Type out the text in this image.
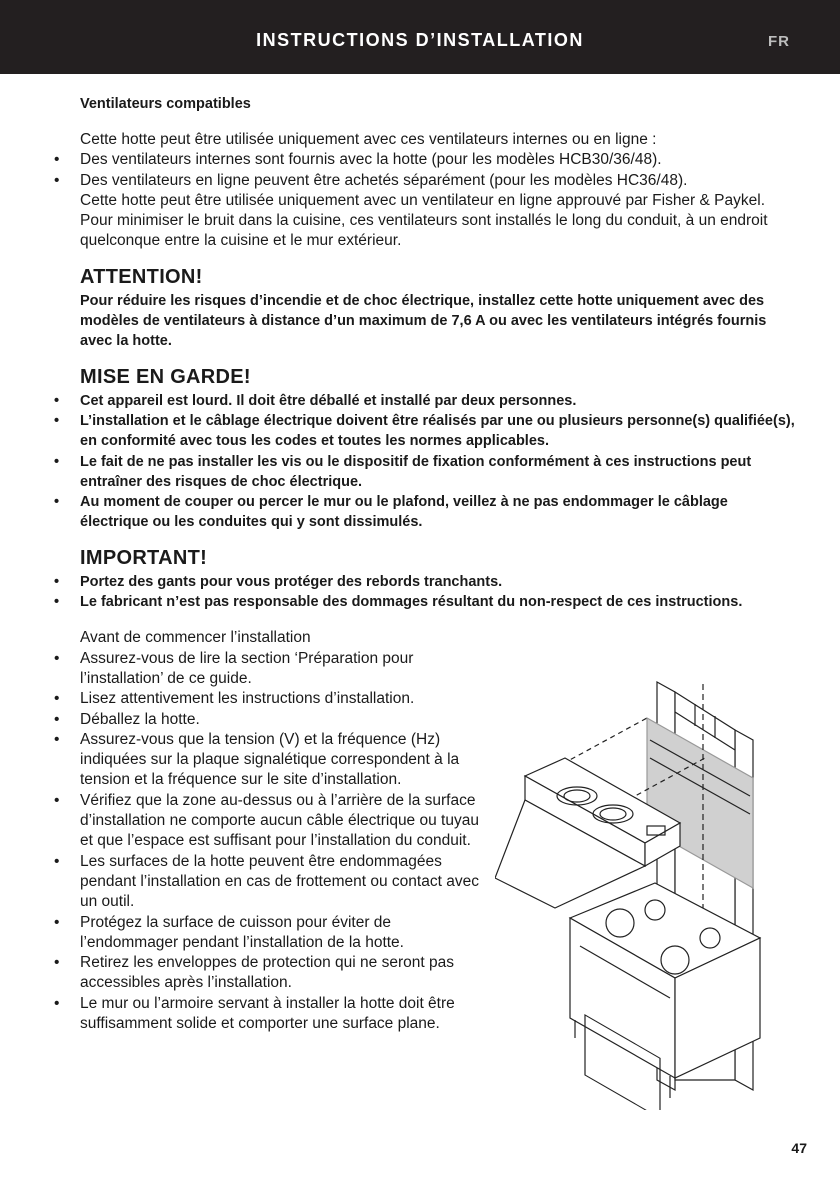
INSTRUCTIONS D’INSTALLATION	FR
Ventilateurs compatibles

Cette hotte peut être utilisée uniquement avec ces ventilateurs internes ou en ligne :

• Des ventilateurs internes sont fournis avec la hotte (pour les modèles HCB30/36/48).
• Des ventilateurs en ligne peuvent être achetés séparément (pour les modèles HC36/48).

Cette hotte peut être utilisée uniquement avec un ventilateur en ligne approuvé par Fisher & Paykel.

Pour minimiser le bruit dans la cuisine, ces ventilateurs sont installés le long du conduit, à un endroit quelconque entre la cuisine et le mur extérieur.

ATTENTION!

Pour réduire les risques d’incendie et de choc électrique, installez cette hotte uniquement avec des modèles de ventilateurs à distance d’un maximum de 7,6 A ou avec les ventilateurs intégrés fournis avec la hotte.

MISE EN GARDE!
• Cet appareil est lourd. Il doit être déballé et installé par deux personnes.
• L’installation et le câblage électrique doivent être réalisés par une ou plusieurs personne(s) qualifiée(s), en conformité avec tous les codes et toutes les normes applicables.
• Le fait de ne pas installer les vis ou le dispositif de fixation conformément à ces instructions peut entraîner des risques de choc électrique.
• Au moment de couper ou percer le mur ou le plafond, veillez à ne pas endommager le câblage électrique ou les conduites qui y sont dissimulés.
IMPORTANT!
• Portez des gants pour vous protéger des rebords tranchants.
• Le fabricant n’est pas responsable des dommages résultant du non-respect de ces instructions.

Avant de commencer l’installation

• Assurez-vous de lire la section ‘Préparation pour l’installation’ de ce guide.
• Lisez attentivement les instructions d’installation.
• Déballez la hotte.
• Assurez-vous que la tension (V) et la fréquence (Hz) indiquées sur la plaque signalétique correspondent à la tension et la fréquence sur le site d’installation.
• Vérifiez que la zone au-dessus ou à l’arrière de la surface d’installation ne comporte aucun câble électrique ou tuyau et que l’espace est suffisant pour l’installation du conduit.
• Les surfaces de la hotte peuvent être endommagées pendant l’installation en cas de frottement ou contact avec un outil.
• Protégez la surface de cuisson pour éviter de l’endommager pendant l’installation de la hotte.
• Retirez les enveloppes de protection qui ne seront pas accessibles après l’installation.
• Le mur ou l’armoire servant à installer la hotte doit être suffisamment solide et comporter une surface plane.
47
